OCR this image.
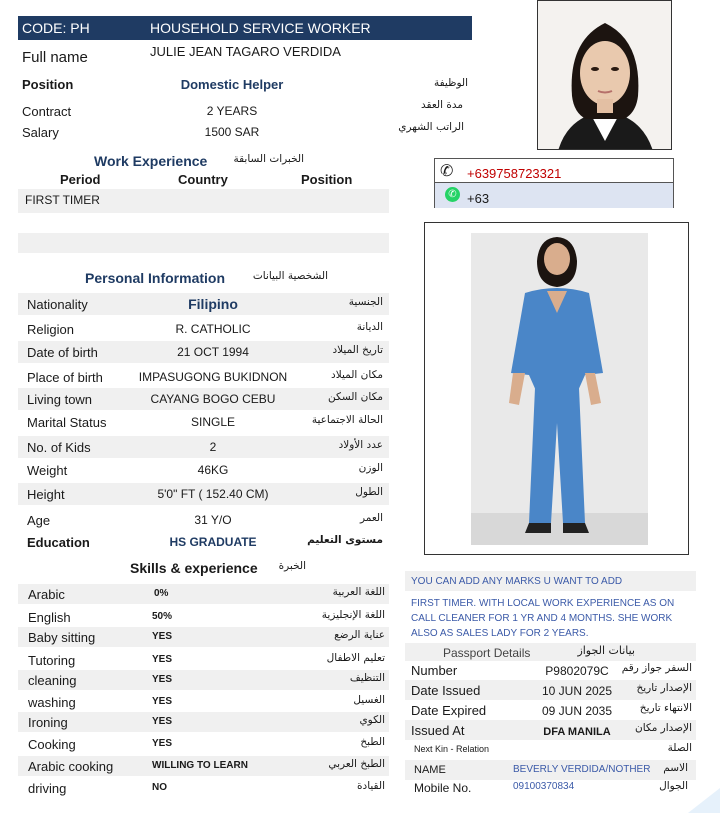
CODE: PH	HOUSEHOLD SERVICE WORKER
Full name	JULIE JEAN TAGARO VERDIDA
Position	Domestic Helper	الوظيفة
Contract	2 YEARS	مدة العقد
Salary	1500 SAR	الراتب الشهري
Work Experience	الخبرات السابقة
Period	Country	Position
FIRST TIMER
✆ +639758723321
✆ +63
Personal Information	الشخصية البيانات
Nationality	Filipino	الجنسية
Religion	R. CATHOLIC	الديانة
Date of birth	21 OCT 1994	تاريخ الميلاد
Place of birth	IMPASUGONG BUKIDNON	مكان الميلاد
Living town	CAYANG BOGO CEBU	مكان السكن
Marital Status	SINGLE	الحالة الاجتماعية
No. of Kids	2	عدد الأولاد
Weight	46KG	الوزن
Height	5'0" FT ( 152.40 CM)	الطول
Age	31 Y/O	العمر
Education	HS GRADUATE	مستوى التعليم
Skills & experience	الخبرة
Arabic	0%	اللغة العربية
English	50%	اللغة الإنجليزية
Baby sitting	YES	عناية الرضع
Tutoring	YES	تعليم الاطفال
cleaning	YES	التنظيف
washing	YES	الغسيل
Ironing	YES	الكوي
Cooking	YES	الطبخ
Arabic cooking	WILLING TO LEARN	الطبخ العربي
driving	NO	القيادة
YOU CAN ADD ANY MARKS U WANT TO ADD
FIRST TIMER. WITH LOCAL WORK EXPERIENCE AS ON CALL CLEANER FOR 1 YR AND 4 MONTHS. SHE WORK ALSO AS SALES LADY FOR 2 YEARS.
Passport Details	بيانات الجواز
Number	P9802079C	السفر جواز رقم
Date Issued	10 JUN 2025	الإصدار تاريخ
Date Expired	09 JUN 2035	الانتهاء تاريخ
Issued At	DFA MANILA	الإصدار مكان
Next Kin - Relation	الصلة
NAME	BEVERLY VERDIDA/NOTHER الاسم
Mobile No.	09100370834	الجوال
